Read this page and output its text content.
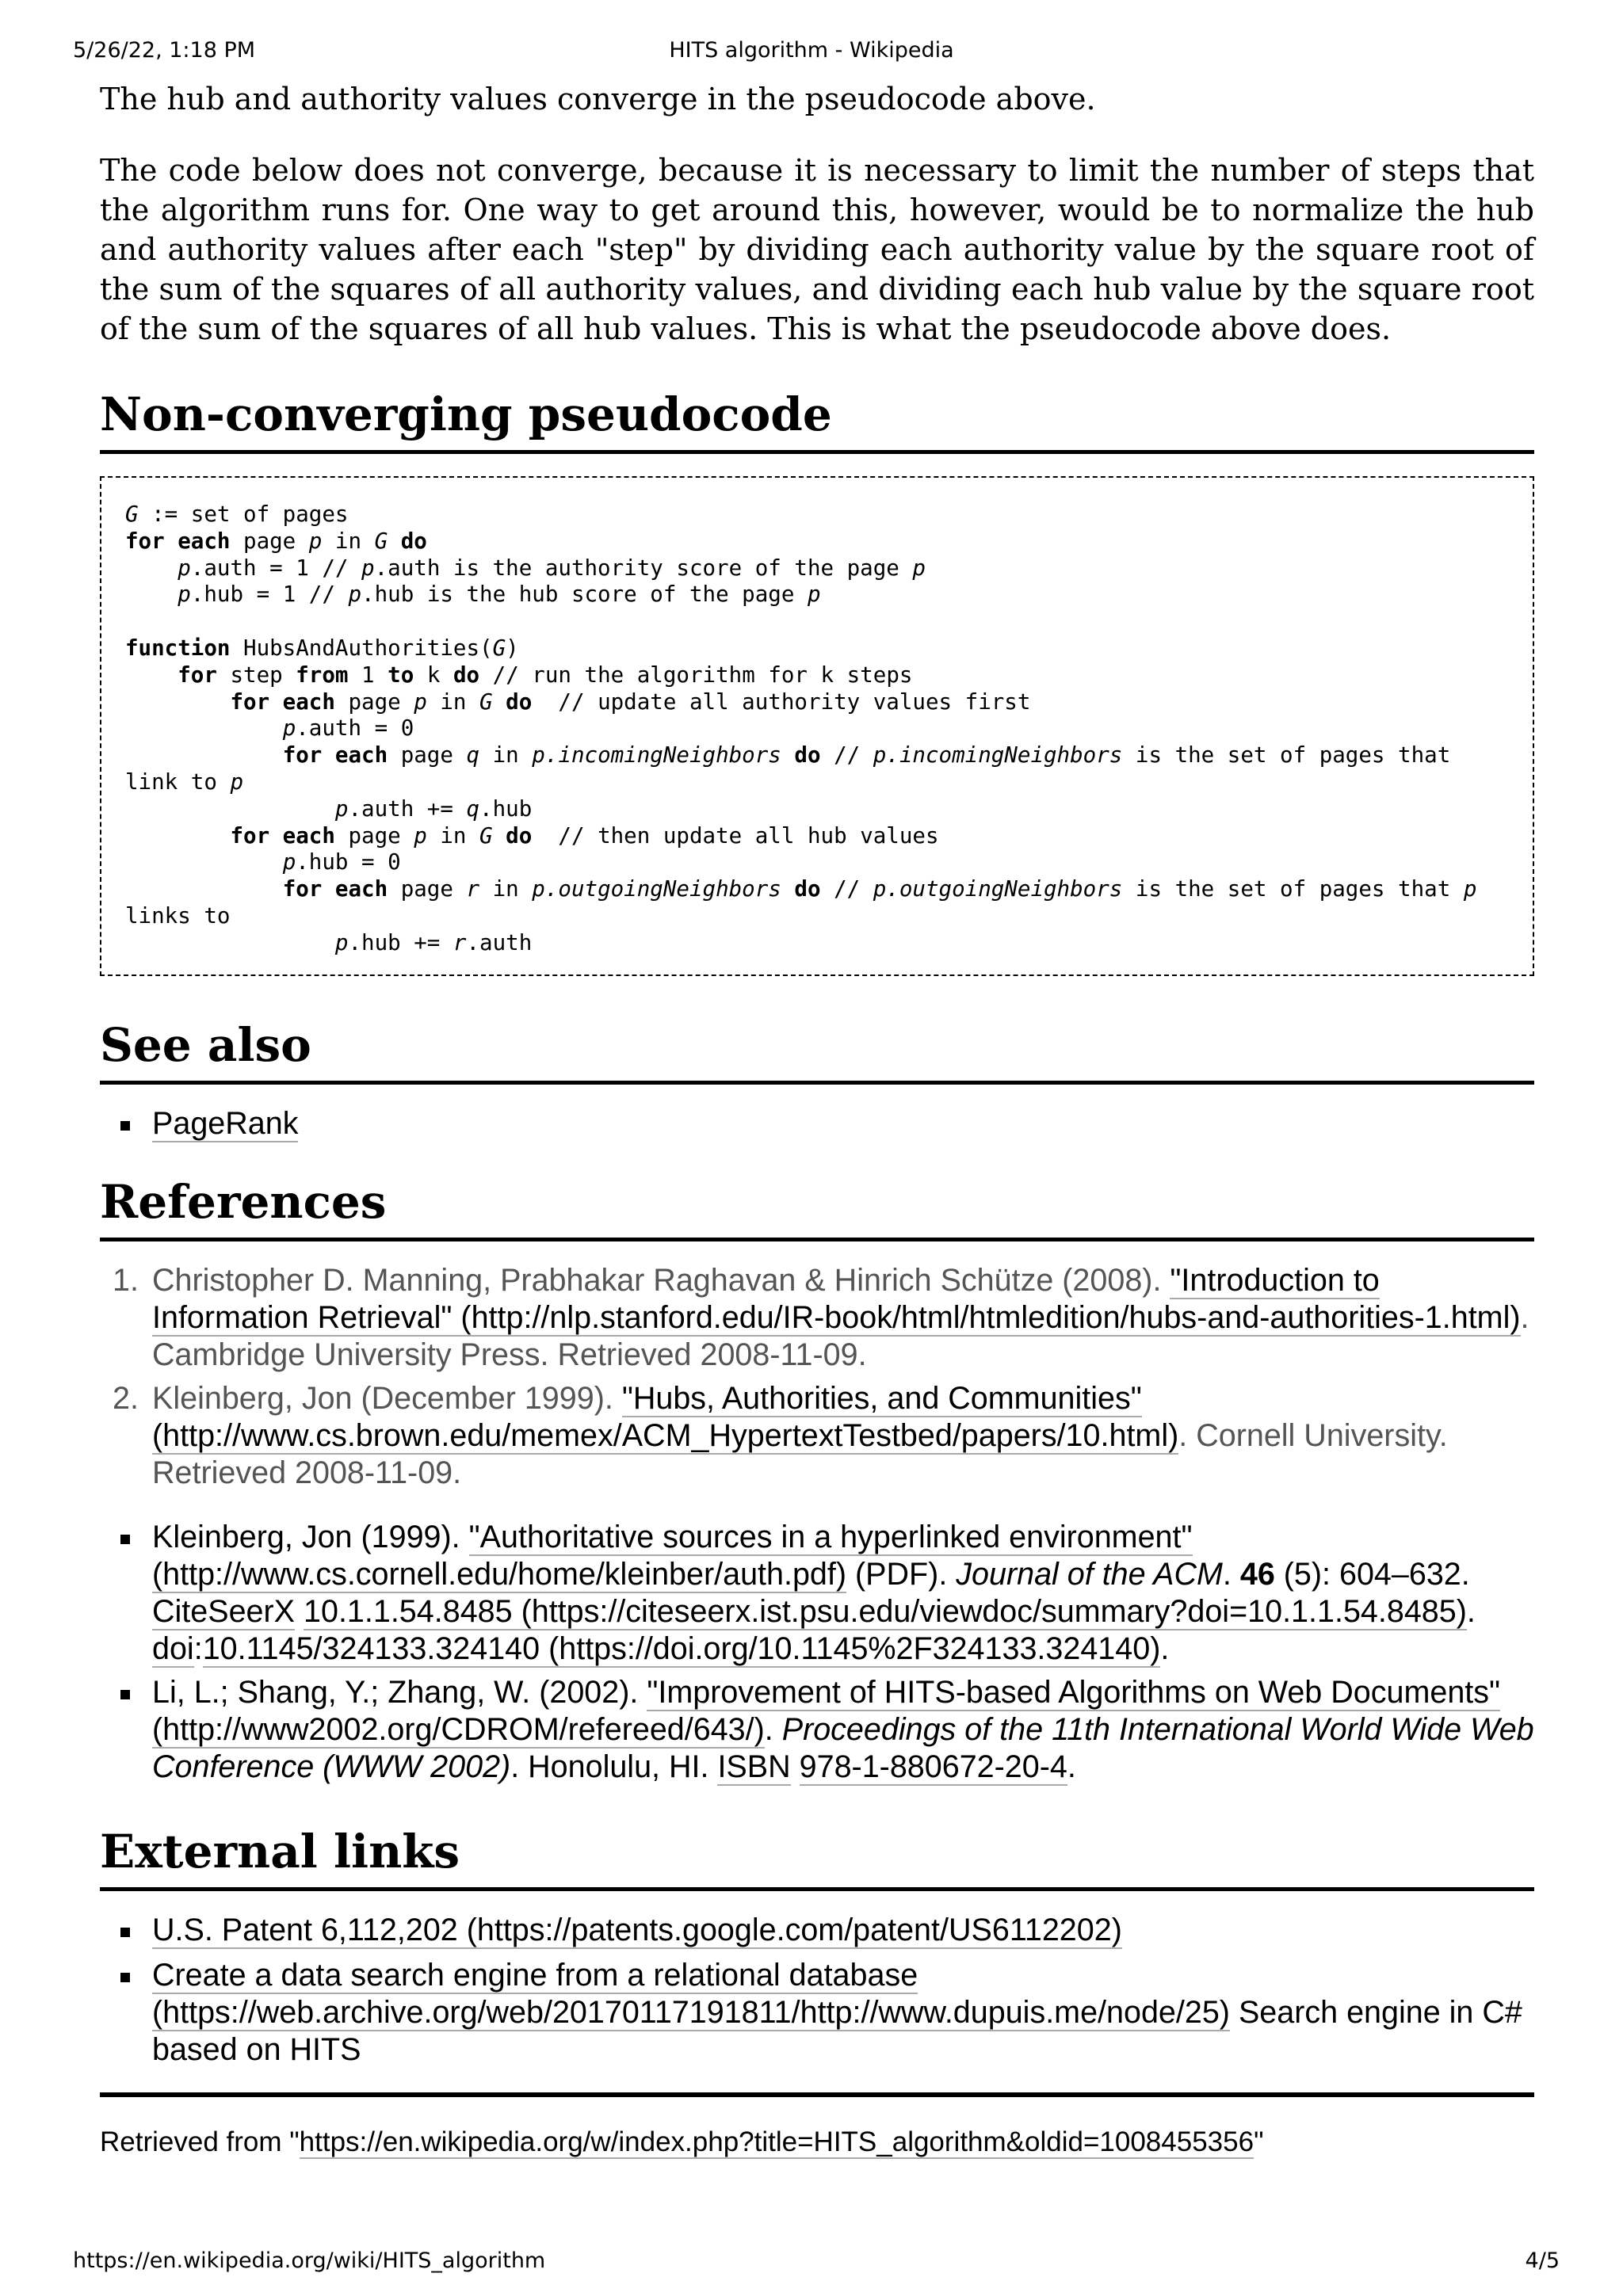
5/26/22, 1:18 PM	HITS algorithm - Wikipedia

The hub and authority values converge in the pseudocode above.

The code below does not converge, because it is necessary to limit the number of steps that the algorithm runs for. One way to get around this, however, would be to normalize the hub and authority values after each "step" by dividing each authority value by the square root of the sum of the squares of all authority values, and dividing each hub value by the square root of the sum of the squares of all hub values. This is what the pseudocode above does.

Non-converging pseudocode
G := set of pages
for each page p in G do
p.auth = 1 // p.auth is the authority score of the page p
p.hub = 1 // p.hub is the hub score of the page p

function HubsAndAuthorities(G)
for step from 1 to k do // run the algorithm for k steps
for each page p in G do  // update all authority values first
p.auth = 0
for each page q in p.incomingNeighbors do // p.incomingNeighbors is the set of pages that link to p
p.auth += q.hub
for each page p in G do  // then update all hub values
p.hub = 0
for each page r in p.outgoingNeighbors do // p.outgoingNeighbors is the set of pages that p links to
p.hub += r.auth
See also
PageRank
References
1. Christopher D. Manning, Prabhakar Raghavan & Hinrich Schütze (2008). "Introduction to Information Retrieval" (http://nlp.stanford.edu/IR-book/html/htmledition/hubs-and-authorities-1.html). Cambridge University Press. Retrieved 2008-11-09.
2. Kleinberg, Jon (December 1999). "Hubs, Authorities, and Communities" (http://www.cs.brown.edu/memex/ACM_HypertextTestbed/papers/10.html). Cornell University. Retrieved 2008-11-09.
Kleinberg, Jon (1999). "Authoritative sources in a hyperlinked environment" (http://www.cs.cornell.edu/home/kleinber/auth.pdf) (PDF). Journal of the ACM. 46 (5): 604–632. CiteSeerX 10.1.1.54.8485 (https://citeseerx.ist.psu.edu/viewdoc/summary?doi=10.1.1.54.8485). doi:10.1145/324133.324140 (https://doi.org/10.1145%2F324133.324140).
Li, L.; Shang, Y.; Zhang, W. (2002). "Improvement of HITS-based Algorithms on Web Documents" (http://www2002.org/CDROM/refereed/643/). Proceedings of the 11th International World Wide Web Conference (WWW 2002). Honolulu, HI. ISBN 978-1-880672-20-4.
External links
U.S. Patent 6,112,202 (https://patents.google.com/patent/US6112202)
Create a data search engine from a relational database (https://web.archive.org/web/20170117191811/http://www.dupuis.me/node/25) Search engine in C# based on HITS
Retrieved from "https://en.wikipedia.org/w/index.php?title=HITS_algorithm&oldid=1008455356"
https://en.wikipedia.org/wiki/HITS_algorithm	4/5
